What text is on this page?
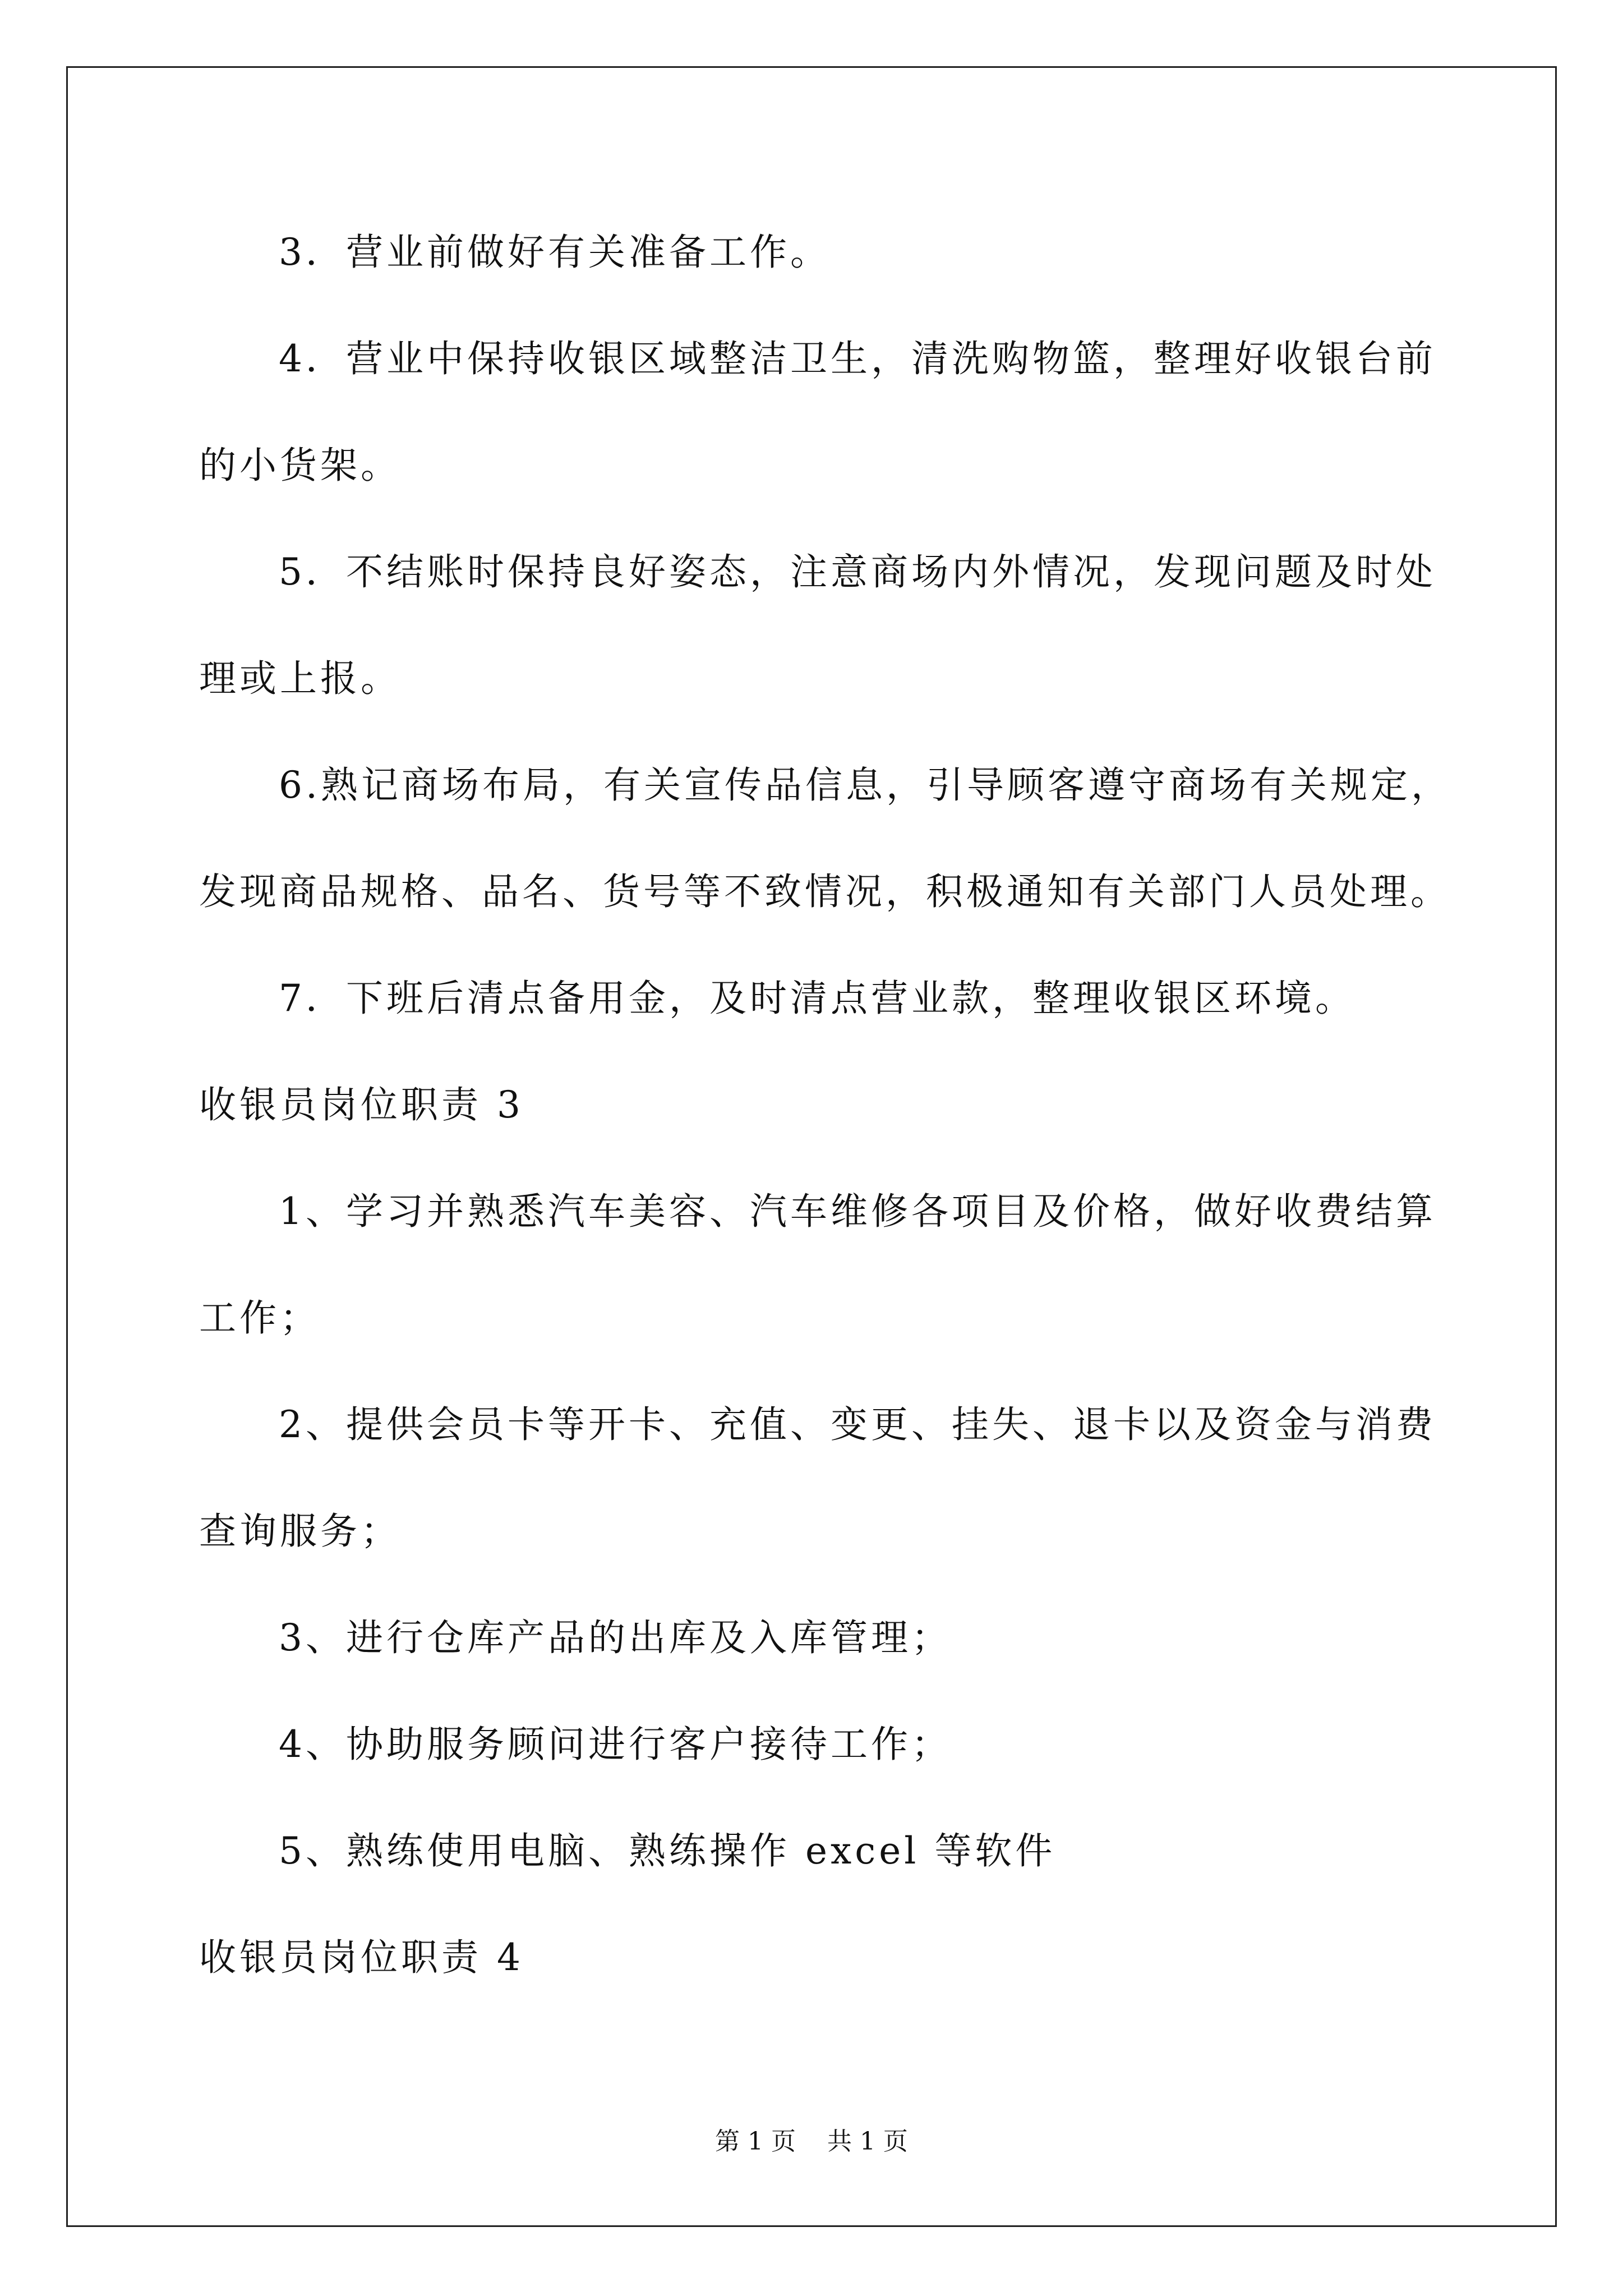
3．营业前做好有关准备工作。
4．营业中保持收银区域整洁卫生，清洗购物篮，整理好收银台前
的小货架。
5．不结账时保持良好姿态，注意商场内外情况，发现问题及时处
理或上报。
6.熟记商场布局，有关宣传品信息，引导顾客遵守商场有关规定，
发现商品规格、品名、货号等不致情况，积极通知有关部门人员处理。
7．下班后清点备用金，及时清点营业款，整理收银区环境。
收银员岗位职责 3
1、学习并熟悉汽车美容、汽车维修各项目及价格，做好收费结算
工作；
2、提供会员卡等开卡、充值、变更、挂失、退卡以及资金与消费
查询服务；
3、进行仓库产品的出库及入库管理；
4、协助服务顾问进行客户接待工作；
5、熟练使用电脑、熟练操作 excel 等软件
收银员岗位职责 4
第 1 页    共 1 页
